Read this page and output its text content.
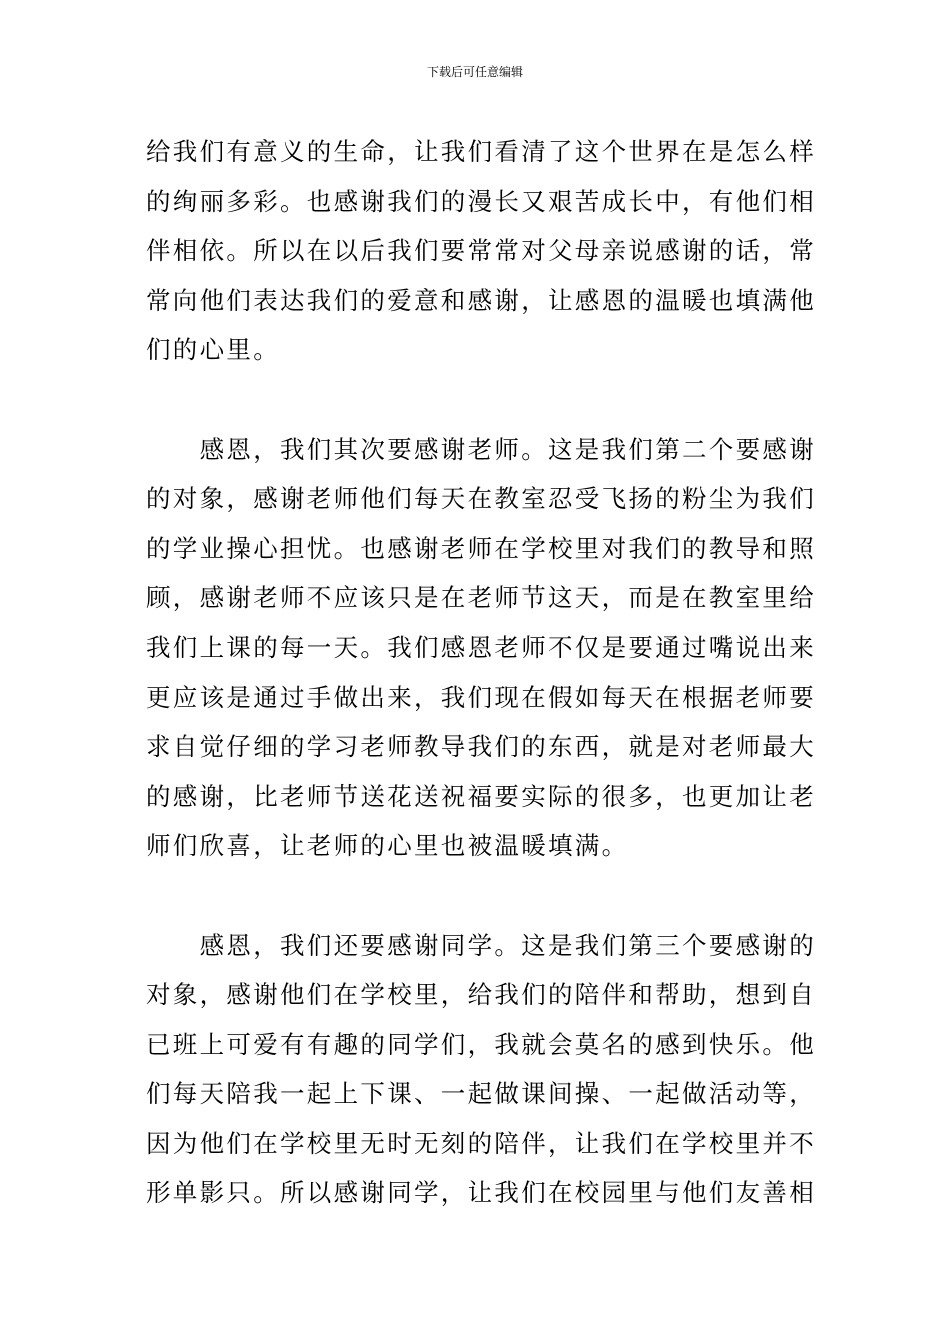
下载后可任意编辑
给我们有意义的生命，让我们看清了这个世界在是怎么样
的绚丽多彩。也感谢我们的漫长又艰苦成长中，有他们相
伴相依。所以在以后我们要常常对父母亲说感谢的话，常
常向他们表达我们的爱意和感谢，让感恩的温暖也填满他
们的心里。
　　感恩，我们其次要感谢老师。这是我们第二个要感谢
的对象，感谢老师他们每天在教室忍受飞扬的粉尘为我们
的学业操心担忧。也感谢老师在学校里对我们的教导和照
顾，感谢老师不应该只是在老师节这天，而是在教室里给
我们上课的每一天。我们感恩老师不仅是要通过嘴说出来
更应该是通过手做出来，我们现在假如每天在根据老师要
求自觉仔细的学习老师教导我们的东西，就是对老师最大
的感谢，比老师节送花送祝福要实际的很多，也更加让老
师们欣喜，让老师的心里也被温暖填满。
　　感恩，我们还要感谢同学。这是我们第三个要感谢的
对象，感谢他们在学校里，给我们的陪伴和帮助，想到自
已班上可爱有有趣的同学们，我就会莫名的感到快乐。他
们每天陪我一起上下课、一起做课间操、一起做活动等，
因为他们在学校里无时无刻的陪伴，让我们在学校里并不
形单影只。所以感谢同学，让我们在校园里与他们友善相
